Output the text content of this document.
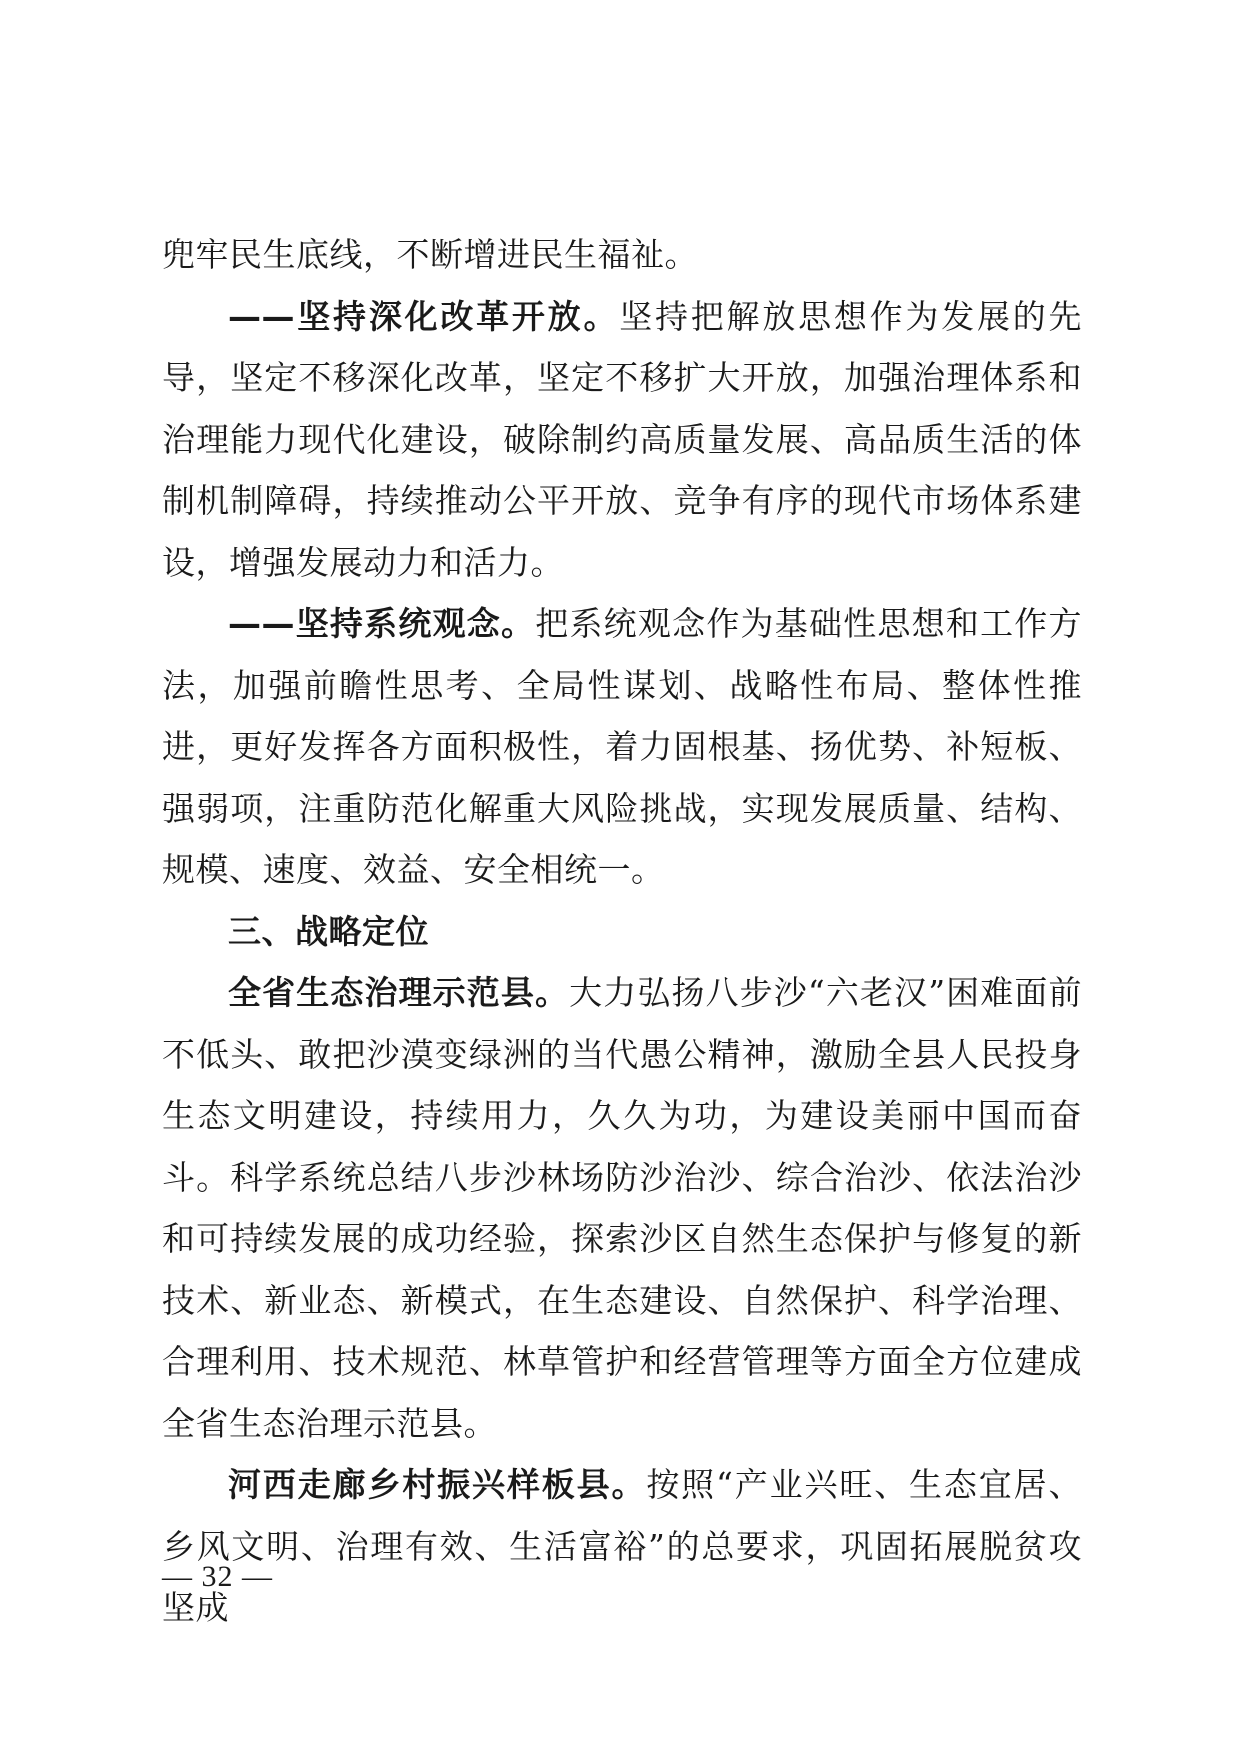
兜牢民生底线，不断增进民生福祉。

——坚持深化改革开放。坚持把解放思想作为发展的先导，坚定不移深化改革，坚定不移扩大开放，加强治理体系和治理能力现代化建设，破除制约高质量发展、高品质生活的体制机制障碍，持续推动公平开放、竞争有序的现代市场体系建设，增强发展动力和活力。

——坚持系统观念。把系统观念作为基础性思想和工作方法，加强前瞻性思考、全局性谋划、战略性布局、整体性推进，更好发挥各方面积极性，着力固根基、扬优势、补短板、强弱项，注重防范化解重大风险挑战，实现发展质量、结构、规模、速度、效益、安全相统一。

三、战略定位

全省生态治理示范县。大力弘扬八步沙“六老汉”困难面前不低头、敢把沙漠变绿洲的当代愚公精神，激励全县人民投身生态文明建设，持续用力，久久为功，为建设美丽中国而奋斗。科学系统总结八步沙林场防沙治沙、综合治沙、依法治沙和可持续发展的成功经验，探索沙区自然生态保护与修复的新技术、新业态、新模式，在生态建设、自然保护、科学治理、合理利用、技术规范、林草管护和经营管理等方面全方位建成全省生态治理示范县。

河西走廊乡村振兴样板县。按照“产业兴旺、生态宜居、乡风文明、治理有效、生活富裕”的总要求，巩固拓展脱贫攻坚成

— 32 —
